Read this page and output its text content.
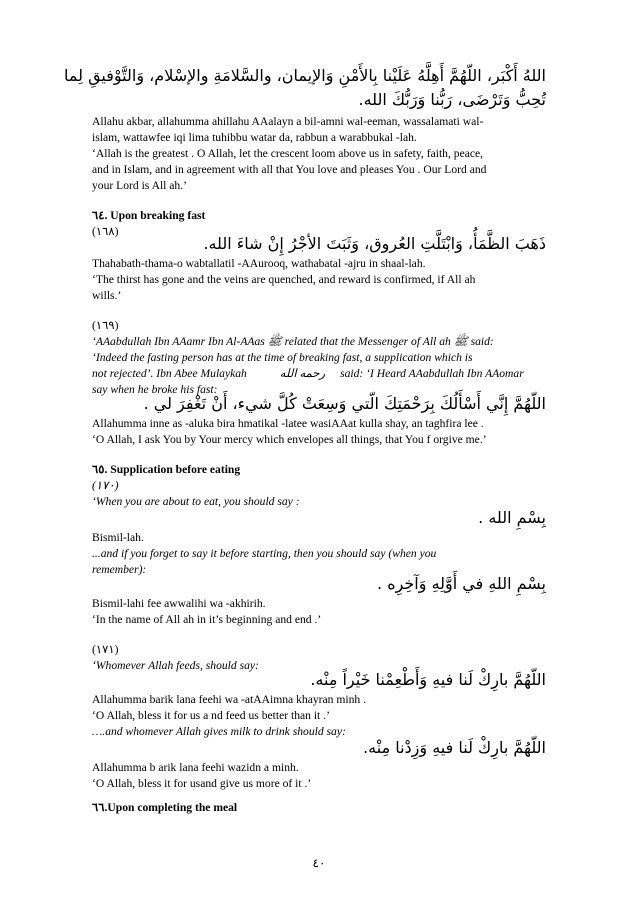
اللهُ أَكْبَر، اللّهُمَّ أَهِلَّهُ عَلَيْنا بِالأَمْنِ وَالإيمان، والسَّلامَةِ والإسْلام، وَالتَّوْفيقِ لِما
تُحِبُّ وَتَرْضَى، رَبُّنا وَرَبُّكَ الله.
Allahu akbar, allahumma ahillahu AAalayn a bil-amni wal-eeman, wassalamati wal-
islam, wattawfee iqi lima tuhibbu watar da, rabbun a warabbukal -lah.
‘Allah is the greatest . O Allah, let the crescent loom above us in safety, faith, peace,
and in Islam, and in agreement with all that You love and pleases You . Our Lord and
your Lord is All ah.’
٦٤. Upon breaking fast
(١٦٨)
ذَهَبَ الظَّمَأُ، وَابْتَلَّتِ العُروق، وَثَبَتَ الأجْرُ إِنْ شاءَ الله.
Thahabath-thama-o wabtallatil -AAurooq, wathabatal -ajru in shaal-lah.
‘The thirst has gone and the veins are quenched, and reward is confirmed, if All ah
wills.’
(١٦٩)
‘AAabdullah Ibn AAamr Ibn Al-AAas ﷺ related that the Messenger of All ah ﷺ said:
‘Indeed the fasting person has at the time of breaking fast, a supplication which is
not rejected’. Ibn Abee Mulaykah	رحمه الله said: ‘I Heard AAabdullah Ibn AAomar
say when he broke his fast:
اللّهُمَّ إِنَّي أَسْأَلُكَ بِرَحْمَتِكَ الّتي وَسِعَتْ كُلَّ شيء، أَنْ تَغْفِرَ لي .
Allahumma inne as -aluka bira hmatikal -latee wasiAAat kulla shay, an taghfira lee .
‘O Allah, I ask You by Your mercy which envelopes all things, that You f orgive me.’
٦٥. Supplication before eating
(١٧٠)
‘When you are about to eat, you should say :
بِسْمِ الله .
Bismil-lah.
...and if you forget to say it before starting, then you should say (when you
remember):
بِسْمِ اللهِ في أَوَّلِهِ وَآخِرِه .
Bismil-lahi fee awwalihi wa -akhirih.
‘In the name of All ah in it’s beginning and end .’
(١٧١)
‘Whomever Allah feeds, should say:
اللّهُمَّ بارِكْ لَنا فيهِ وَأَطْعِمْنا خَيْراً مِنْه.
Allahumma barik lana feehi wa -atAAimna khayran minh .
‘O Allah, bless it for us a nd feed us better than it .’
….and whomever Allah gives milk to drink should say:
اللّهُمَّ بارِكْ لَنا فيهِ وَزِدْنا مِنْه.
Allahumma b arik lana feehi wazidn a minh.
‘O Allah, bless it for usand give us more of it .’
٦٦.Upon completing the meal
٤٠
